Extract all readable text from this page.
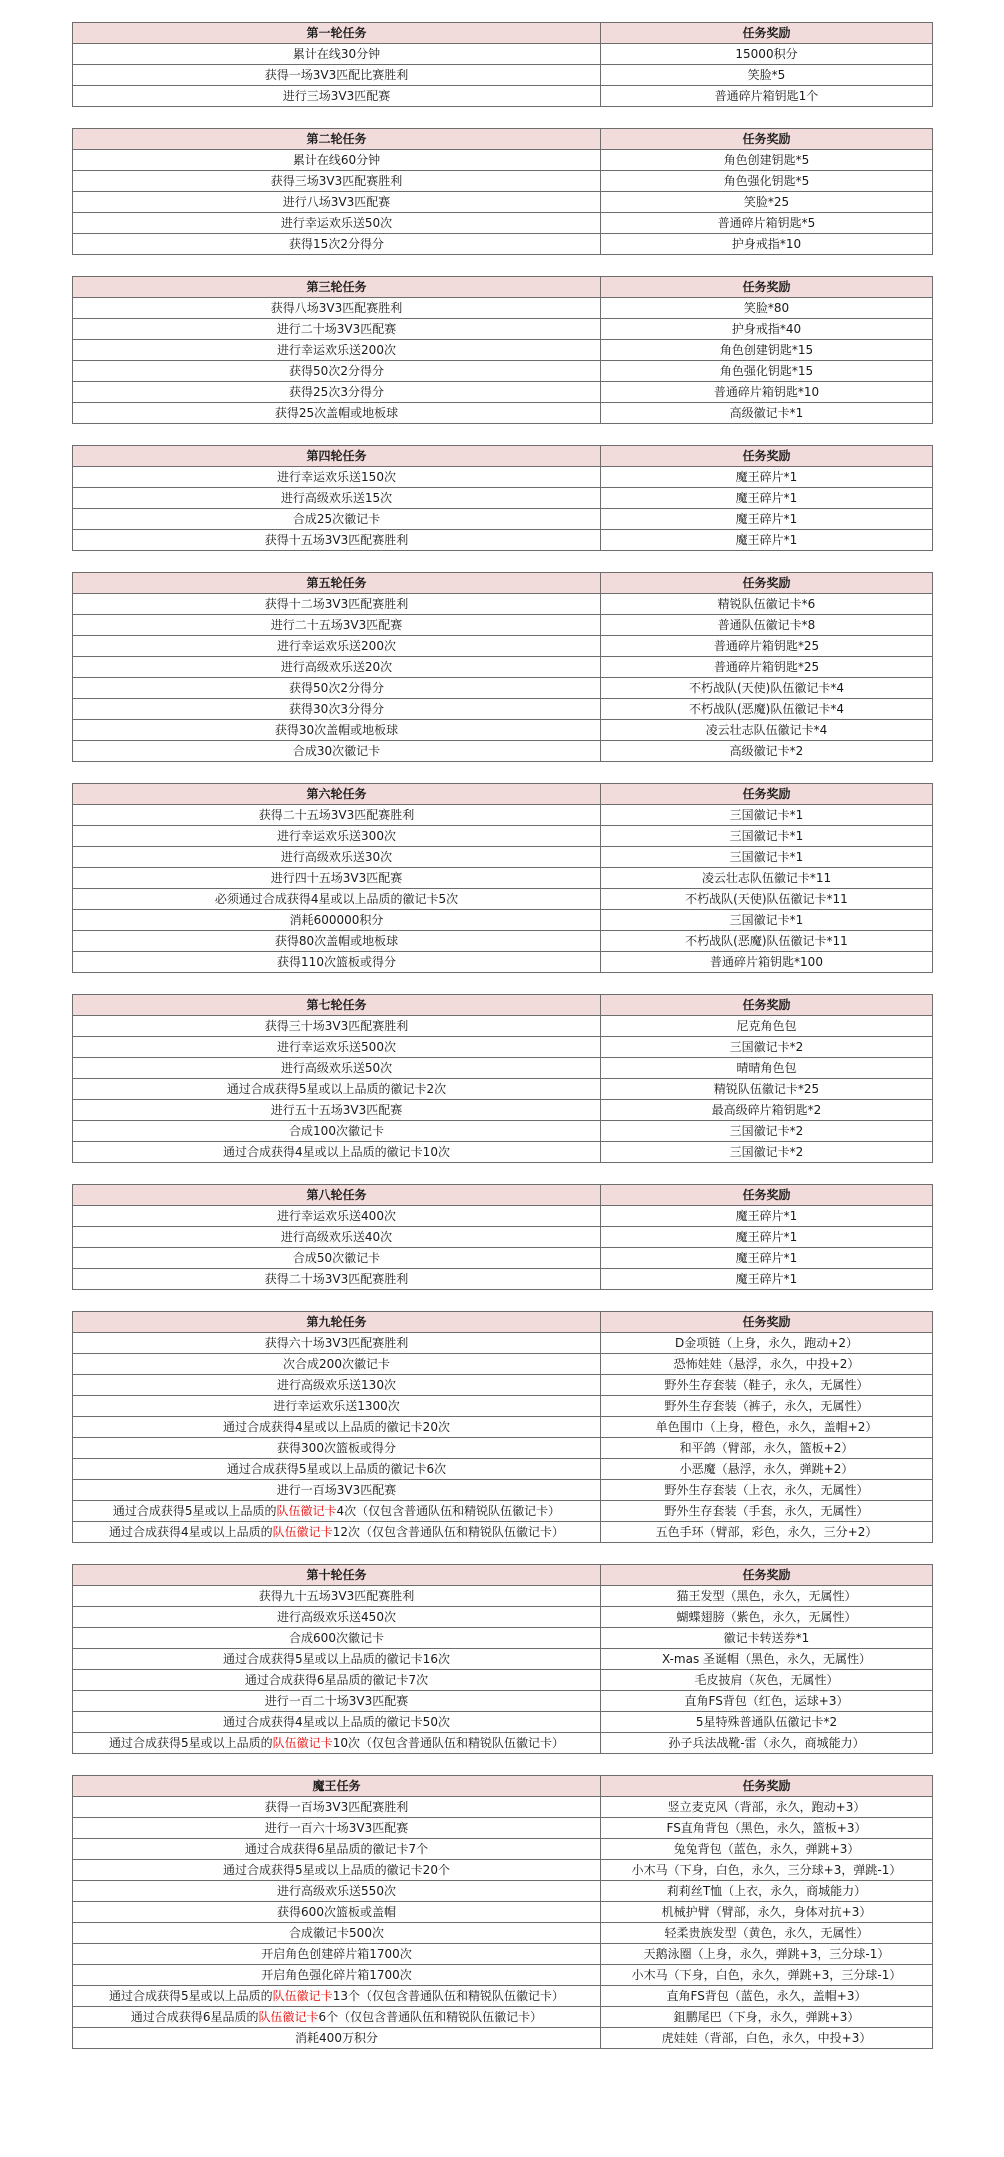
第一轮任务	任务奖励
累计在线30分钟	15000积分
获得一场3V3匹配比赛胜利	笑脸*5
进行三场3V3匹配赛	普通碎片箱钥匙1个
第二轮任务	任务奖励
累计在线60分钟	角色创建钥匙*5
获得三场3V3匹配赛胜利	角色强化钥匙*5
进行八场3V3匹配赛	笑脸*25
进行幸运欢乐送50次	普通碎片箱钥匙*5
获得15次2分得分	护身戒指*10
第三轮任务	任务奖励
获得八场3V3匹配赛胜利	笑脸*80
进行二十场3V3匹配赛	护身戒指*40
进行幸运欢乐送200次	角色创建钥匙*15
获得50次2分得分	角色强化钥匙*15
获得25次3分得分	普通碎片箱钥匙*10
获得25次盖帽或地板球	高级徽记卡*1
第四轮任务	任务奖励
进行幸运欢乐送150次	魔王碎片*1
进行高级欢乐送15次	魔王碎片*1
合成25次徽记卡	魔王碎片*1
获得十五场3V3匹配赛胜利	魔王碎片*1
第五轮任务	任务奖励
获得十二场3V3匹配赛胜利	精锐队伍徽记卡*6
进行二十五场3V3匹配赛	普通队伍徽记卡*8
进行幸运欢乐送200次	普通碎片箱钥匙*25
进行高级欢乐送20次	普通碎片箱钥匙*25
获得50次2分得分	不朽战队(天使)队伍徽记卡*4
获得30次3分得分	不朽战队(恶魔)队伍徽记卡*4
获得30次盖帽或地板球	凌云壮志队伍徽记卡*4
合成30次徽记卡	高级徽记卡*2
第六轮任务	任务奖励
获得二十五场3V3匹配赛胜利	三国徽记卡*1
进行幸运欢乐送300次	三国徽记卡*1
进行高级欢乐送30次	三国徽记卡*1
进行四十五场3V3匹配赛	凌云壮志队伍徽记卡*11
必须通过合成获得4星或以上品质的徽记卡5次	不朽战队(天使)队伍徽记卡*11
消耗600000积分	三国徽记卡*1
获得80次盖帽或地板球	不朽战队(恶魔)队伍徽记卡*11
获得110次篮板或得分	普通碎片箱钥匙*100
第七轮任务	任务奖励
获得三十场3V3匹配赛胜利	尼克角色包
进行幸运欢乐送500次	三国徽记卡*2
进行高级欢乐送50次	晴晴角色包
通过合成获得5星或以上品质的徽记卡2次	精锐队伍徽记卡*25
进行五十五场3V3匹配赛	最高级碎片箱钥匙*2
合成100次徽记卡	三国徽记卡*2
通过合成获得4星或以上品质的徽记卡10次	三国徽记卡*2
第八轮任务	任务奖励
进行幸运欢乐送400次	魔王碎片*1
进行高级欢乐送40次	魔王碎片*1
合成50次徽记卡	魔王碎片*1
获得二十场3V3匹配赛胜利	魔王碎片*1
第九轮任务	任务奖励
获得六十场3V3匹配赛胜利	D金项链（上身，永久，跑动+2）
次合成200次徽记卡	恐怖娃娃（悬浮，永久，中投+2）
进行高级欢乐送130次	野外生存套装（鞋子，永久，无属性）
进行幸运欢乐送1300次	野外生存套装（裤子，永久，无属性）
通过合成获得4星或以上品质的徽记卡20次	单色围巾（上身，橙色，永久，盖帽+2）
获得300次篮板或得分	和平鸽（臂部，永久，篮板+2）
通过合成获得5星或以上品质的徽记卡6次	小恶魔（悬浮，永久，弹跳+2）
进行一百场3V3匹配赛	野外生存套装（上衣，永久，无属性）
通过合成获得5星或以上品质的队伍徽记卡4次（仅包含普通队伍和精锐队伍徽记卡）	野外生存套装（手套，永久，无属性）
通过合成获得4星或以上品质的队伍徽记卡12次（仅包含普通队伍和精锐队伍徽记卡）	五色手环（臂部，彩色，永久，三分+2）
第十轮任务	任务奖励
获得九十五场3V3匹配赛胜利	猫王发型（黑色，永久，无属性）
进行高级欢乐送450次	蝴蝶翅膀（紫色，永久，无属性）
合成600次徽记卡	徽记卡转送券*1
通过合成获得5星或以上品质的徽记卡16次	X-mas 圣诞帽（黑色，永久，无属性）
通过合成获得6星品质的徽记卡7次	毛皮披肩（灰色，无属性）
进行一百二十场3V3匹配赛	直角FS背包（红色，运球+3）
通过合成获得4星或以上品质的徽记卡50次	5星特殊普通队伍徽记卡*2
通过合成获得5星或以上品质的队伍徽记卡10次（仅包含普通队伍和精锐队伍徽记卡）	孙子兵法战靴-雷（永久，商城能力）
魔王任务	任务奖励
获得一百场3V3匹配赛胜利	竖立麦克风（背部，永久，跑动+3）
进行一百六十场3V3匹配赛	FS直角背包（黑色，永久，篮板+3）
通过合成获得6星品质的徽记卡7个	兔兔背包（蓝色，永久，弹跳+3）
通过合成获得5星或以上品质的徽记卡20个	小木马（下身，白色，永久，三分球+3，弹跳-1）
进行高级欢乐送550次	莉莉丝T恤（上衣，永久，商城能力）
获得600次篮板或盖帽	机械护臂（臂部，永久，身体对抗+3）
合成徽记卡500次	轻柔贵族发型（黄色，永久，无属性）
开启角色创建碎片箱1700次	天鹅泳圈（上身，永久，弹跳+3，三分球-1）
开启角色强化碎片箱1700次	小木马（下身，白色，永久，弹跳+3，三分球-1）
通过合成获得5星或以上品质的队伍徽记卡13个（仅包含普通队伍和精锐队伍徽记卡）	直角FS背包（蓝色，永久，盖帽+3）
通过合成获得6星品质的队伍徽记卡6个（仅包含普通队伍和精锐队伍徽记卡）	鉏鹏尾巴（下身，永久，弹跳+3）
消耗400万积分	虎娃娃（背部，白色，永久，中投+3）
